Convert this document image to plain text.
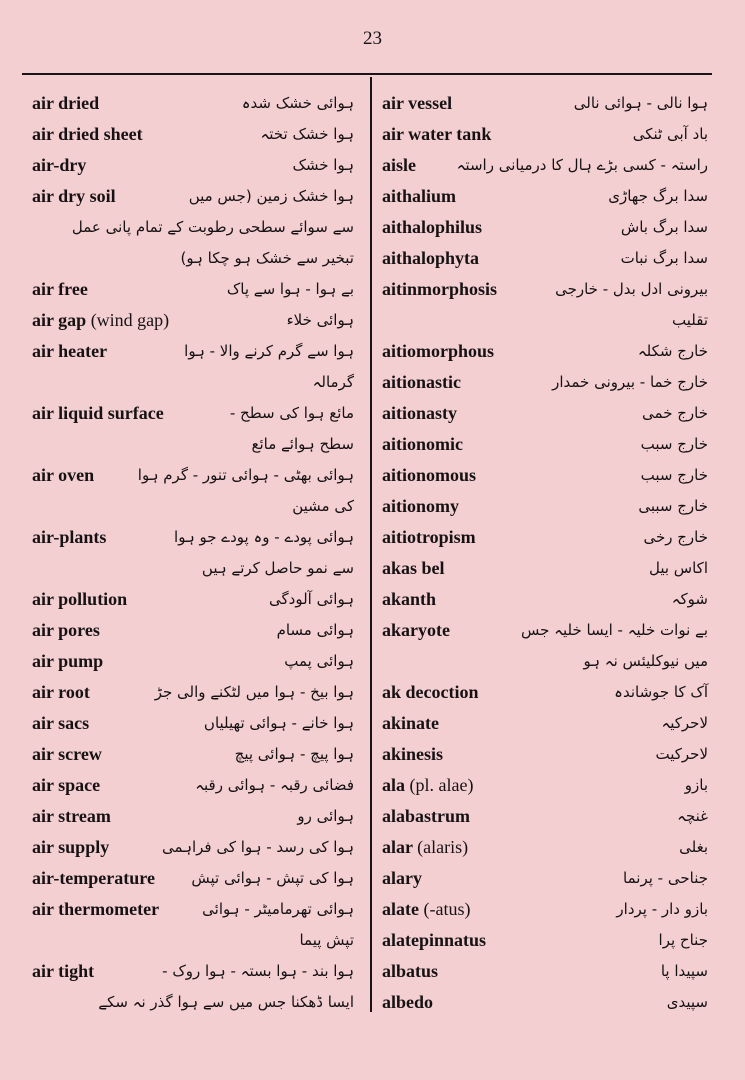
23
air dried	ہوائی خشک شدہ
air dried sheet	ہوا خشک تختہ
air-dry	ہوا خشک
air dry soil	ہوا خشک زمین (جس میں
سے سوائے سطحی رطوبت کے تمام پانی عمل
تبخیر سے خشک ہو چکا ہو)
air free	بے ہوا - ہوا سے پاک
air gap (wind gap)	ہوائی خلاء
air heater	ہوا سے گرم کرنے والا - ہوا
گرمالہ
air liquid surface	مائع ہوا کی سطح -
سطح ہوائے مائع
air oven	ہوائی بھٹی - ہوائی تنور - گرم ہوا
کی مشین
air-plants	ہوائی پودے - وہ پودے جو ہوا
سے نمو حاصل کرتے ہیں
air pollution	ہوائی آلودگی
air pores	ہوائی مسام
air pump	ہوائی پمپ
air root	ہوا بیخ - ہوا میں لٹکنے والی جڑ
air sacs	ہوا خانے - ہوائی تھیلیاں
air screw	ہوا پیچ - ہوائی پیچ
air space	فضائی رقبہ - ہوائی رقبہ
air stream	ہوائی رو
air supply	ہوا کی رسد - ہوا کی فراہمی
air-temperature ہوا کی تپش - ہوائی تپش
air thermometer	ہوائی تھرمامیٹر - ہوائی
تپش پیما
air tight	ہوا بند - ہوا بستہ - ہوا روک -
ایسا ڈھکنا جس میں سے ہوا گذر نہ سکے
air vessel	ہوا نالی - ہوائی نالی
air water tank	باد آبی ٹنکی
aisle	راستہ - کسی بڑے ہال کا درمیانی راستہ
aithalium	سدا برگ جھاڑی
aithalophilus	سدا برگ باش
aithalophyta	سدا برگ نبات
aitinmorphosis	بیرونی ادل بدل - خارجی
تقلیب
aitiomorphous	خارج شکلہ
aitionastic	خارج خما - بیرونی خمدار
aitionasty	خارج خمی
aitionomic	خارج سبب
aitionomous	خارج سبب
aitionomy	خارج سببی
aitiotropism	خارج رخی
akas bel	اکاس بیل
akanth	شوکہ
akaryote	بے نوات خلیہ - ایسا خلیہ جس
میں نیوکلیئس نہ ہو
ak decoction	آک کا جوشاندہ
akinate	لاحرکیہ
akinesis	لاحرکیت
ala (pl. alae)	بازو
alabastrum	غنچہ
alar (alaris)	بغلی
alary	جناحی - پرنما
alate (-atus)	بازو دار - پردار
alatepinnatus	جناح پرا
albatus	سپیدا پا
albedo	سپیدی
